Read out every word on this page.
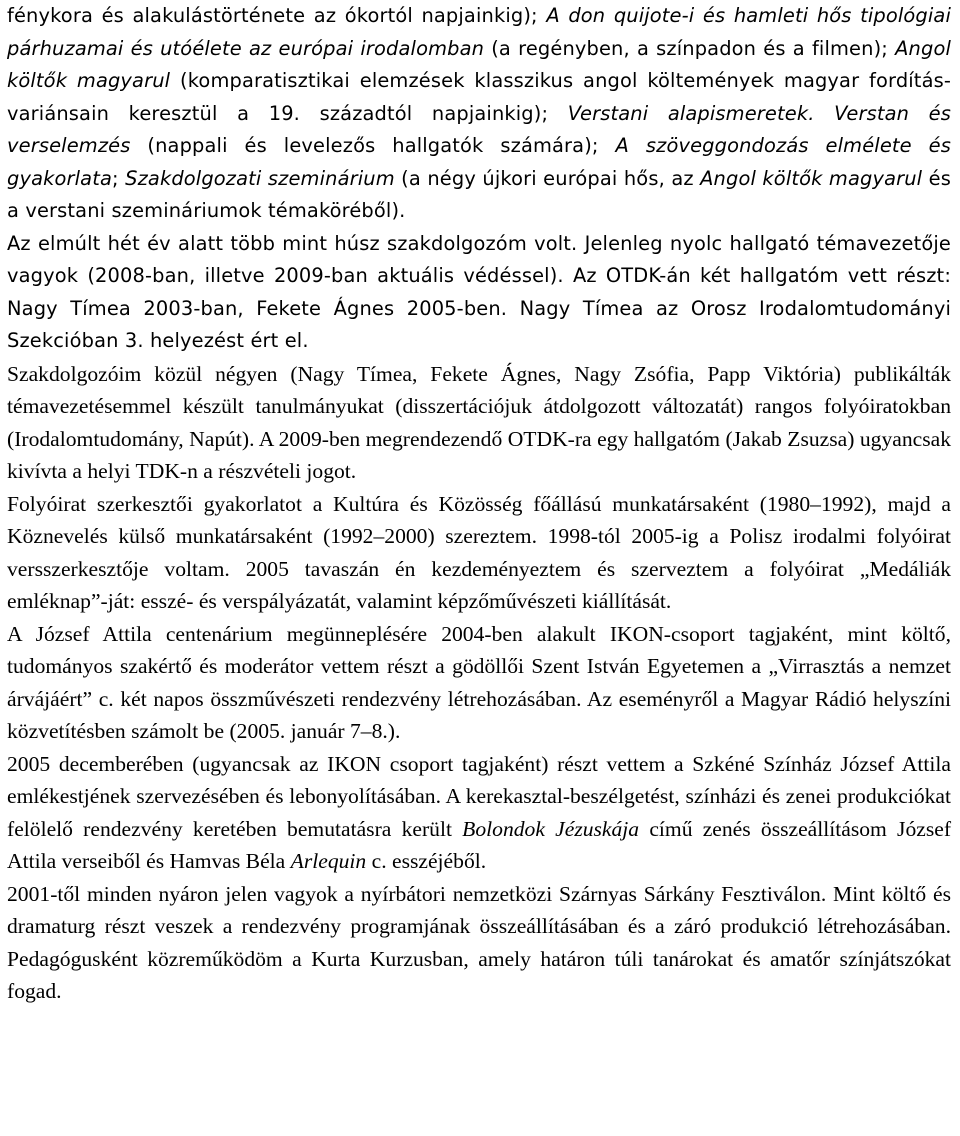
fénykora és alakulástörténete az ókortól napjainkig); A don quijote-i és hamleti hős tipológiai párhuzamai és utóélete az európai irodalomban (a regényben, a színpadon és a filmen); Angol költők magyarul (komparatisztikai elemzések klasszikus angol költemények magyar fordítás-variánsain keresztül a 19. századtól napjainkig); Verstani alapismeretek. Verstan és verselemzés (nappali és levelezős hallgatók számára); A szöveggondozás elmélete és gyakorlata; Szakdolgozati szeminárium (a négy újkori európai hős, az Angol költők magyarul és a verstani szemináriumok témaköréből).

Az elmúlt hét év alatt több mint húsz szakdolgozóm volt. Jelenleg nyolc hallgató témavezetője vagyok (2008-ban, illetve 2009-ban aktuális védéssel). Az OTDK-án két hallgatóm vett részt: Nagy Tímea 2003-ban, Fekete Ágnes 2005-ben. Nagy Tímea az Orosz Irodalomtudományi Szekcióban 3. helyezést ért el.

Szakdolgozóim közül négyen (Nagy Tímea, Fekete Ágnes, Nagy Zsófia, Papp Viktória) publikálták témavezetésemmel készült tanulmányukat (disszertációjuk átdolgozott változatát) rangos folyóiratokban (Irodalomtudomány, Napút). A 2009-ben megrendezendő OTDK-ra egy hallgatóm (Jakab Zsuzsa) ugyancsak kivívta a helyi TDK-n a részvételi jogot.

Folyóirat szerkesztői gyakorlatot a Kultúra és Közösség főállású munkatársaként (1980–1992), majd a Köznevelés külső munkatársaként (1992–2000) szereztem. 1998-tól 2005-ig a Polisz irodalmi folyóirat versszerkesztője voltam. 2005 tavaszán én kezdeményeztem és szerveztem a folyóirat „Medáliák emléknap”-ját: esszé- és verspályázatát, valamint képzőművészeti kiállítását.

A József Attila centenárium megünneplésére 2004-ben alakult IKON-csoport tagjaként, mint költő, tudományos szakértő és moderátor vettem részt a gödöllői Szent István Egyetemen a „Virrasztás a nemzet árvájáért” c. két napos összművészeti rendezvény létrehozásában. Az eseményről a Magyar Rádió helyszíni közvetítésben számolt be (2005. január 7–8.).

2005 decemberében (ugyancsak az IKON csoport tagjaként) részt vettem a Szkéné Színház József Attila emlékestjének szervezésében és lebonyolításában. A kerekasztal-beszélgetést, színházi és zenei produkciókat felölelő rendezvény keretében bemutatásra került Bolondok Jézuskája című zenés összeállításom József Attila verseiből és Hamvas Béla Arlequin c. esszéjéből.

2001-től minden nyáron jelen vagyok a nyírbátori nemzetközi Szárnyas Sárkány Fesztiválon. Mint költő és dramaturg részt veszek a rendezvény programjának összeállításában és a záró produkció létrehozásában. Pedagógusként közreműködöm a Kurta Kurzusban, amely határon túli tanárokat és amatőr színjátszókat fogad.
